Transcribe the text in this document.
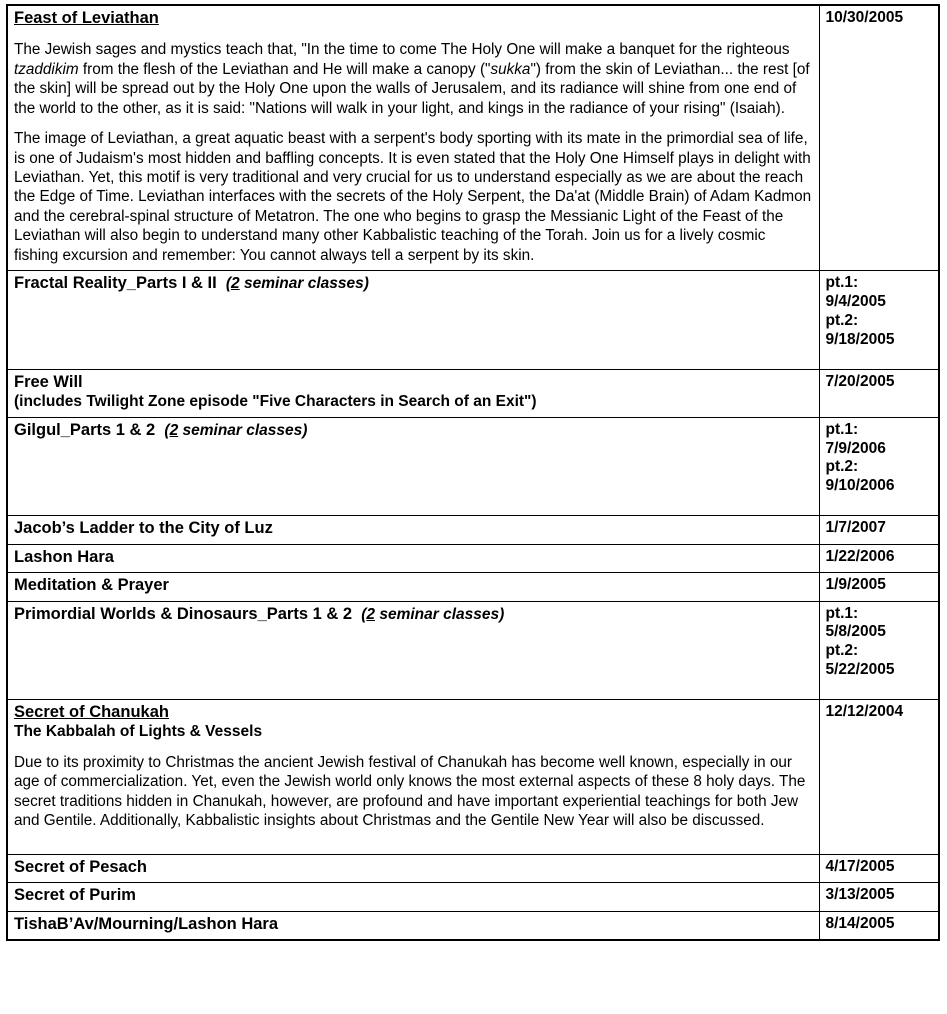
Feast of Leviathan

The Jewish sages and mystics teach that, "In the time to come The Holy One will make a banquet for the righteous tzaddikim from the flesh of the Leviathan and He will make a canopy ("sukka") from the skin of Leviathan... the rest [of the skin] will be spread out by the Holy One upon the walls of Jerusalem, and its radiance will shine from one end of the world to the other, as it is said: "Nations will walk in your light, and kings in the radiance of your rising" (Isaiah).

The image of Leviathan, a great aquatic beast with a serpent's body sporting with its mate in the primordial sea of life, is one of Judaism's most hidden and baffling concepts. It is even stated that the Holy One Himself plays in delight with Leviathan. Yet, this motif is very traditional and very crucial for us to understand especially as we are about the reach the Edge of Time. Leviathan interfaces with the secrets of the Holy Serpent, the Da'at (Middle Brain) of Adam Kadmon and the cerebral-spinal structure of Metatron. The one who begins to grasp the Messianic Light of the Feast of the Leviathan will also begin to understand many other Kabbalistic teaching of the Torah. Join us for a lively cosmic fishing excursion and remember: You cannot always tell a serpent by its skin.	10/30/2005

Fractal Reality_Parts I & II (2 seminar classes)	pt.1:
9/4/2005
pt.2:
9/18/2005

Free Will
(includes Twilight Zone episode "Five Characters in Search of an Exit")	7/20/2005

Gilgul_Parts 1 & 2 (2 seminar classes)	pt.1:
7/9/2006
pt.2:
9/10/2006

Jacob’s Ladder to the City of Luz	1/7/2007

Lashon Hara	1/22/2006

Meditation & Prayer	1/9/2005

Primordial Worlds & Dinosaurs_Parts 1 & 2 (2 seminar classes)	pt.1:
5/8/2005
pt.2:
5/22/2005

Secret of Chanukah
The Kabbalah of Lights & Vessels

Due to its proximity to Christmas the ancient Jewish festival of Chanukah has become well known, especially in our age of commercialization. Yet, even the Jewish world only knows the most external aspects of these 8 holy days. The secret traditions hidden in Chanukah, however, are profound and have important experiential teachings for both Jew and Gentile. Additionally, Kabbalistic insights about Christmas and the Gentile New Year will also be discussed.	12/12/2004

Secret of Pesach	4/17/2005

Secret of Purim	3/13/2005

TishaB’Av/Mourning/Lashon Hara	8/14/2005
